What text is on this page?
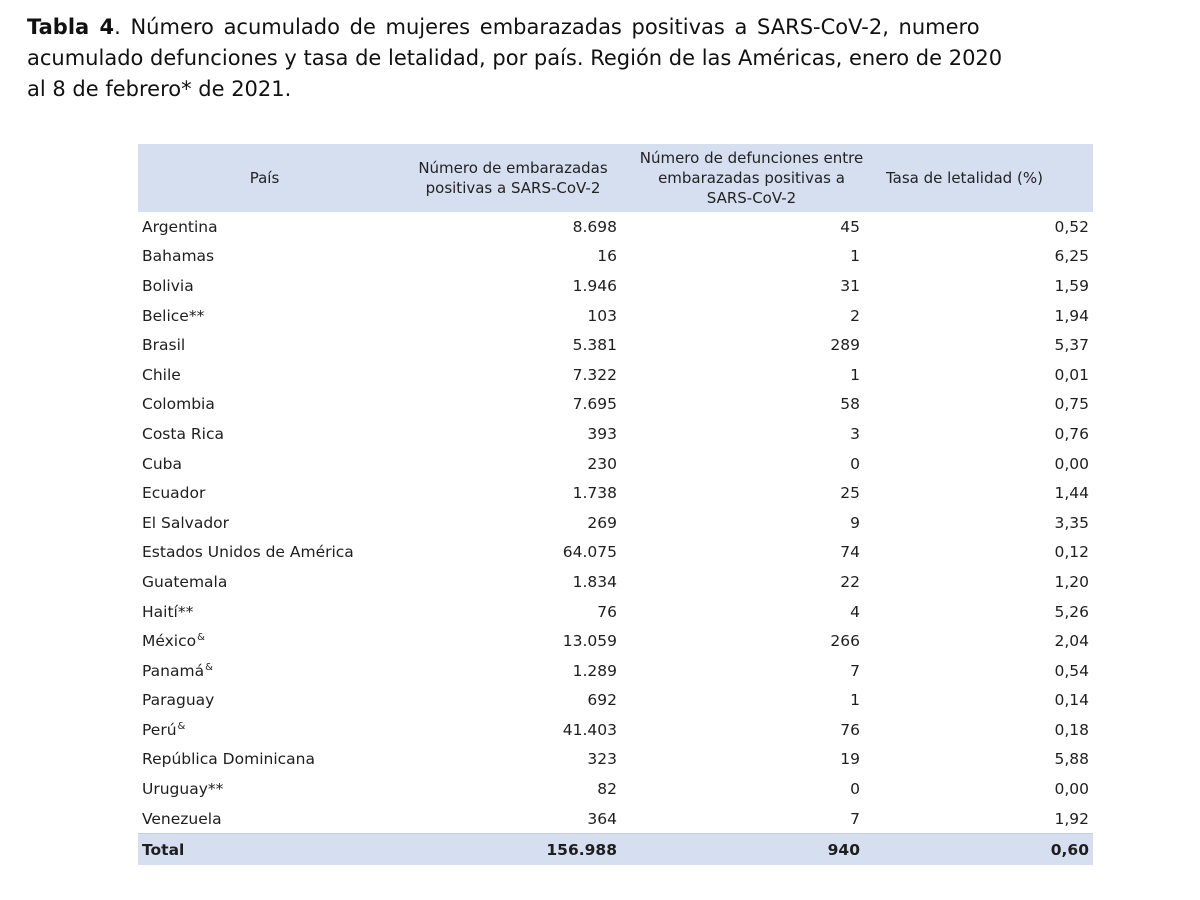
Tabla 4. Número acumulado de mujeres embarazadas positivas a SARS-CoV-2, numero
acumulado defunciones y tasa de letalidad, por país. Región de las Américas, enero de 2020
al 8 de febrero* de 2021.
País	Número de embarazadas positivas a SARS-CoV-2	Número de defunciones entre embarazadas positivas a SARS-CoV-2	Tasa de letalidad (%)
Argentina	8.698	45	0,52
Bahamas	16	1	6,25
Bolivia	1.946	31	1,59
Belice**	103	2	1,94
Brasil	5.381	289	5,37
Chile	7.322	1	0,01
Colombia	7.695	58	0,75
Costa Rica	393	3	0,76
Cuba	230	0	0,00
Ecuador	1.738	25	1,44
El Salvador	269	9	3,35
Estados Unidos de América	64.075	74	0,12
Guatemala	1.834	22	1,20
Haití**	76	4	5,26
México&	13.059	266	2,04
Panamá&	1.289	7	0,54
Paraguay	692	1	0,14
Perú&	41.403	76	0,18
República Dominicana	323	19	5,88
Uruguay**	82	0	0,00
Venezuela	364	7	1,92
Total	156.988	940	0,60
